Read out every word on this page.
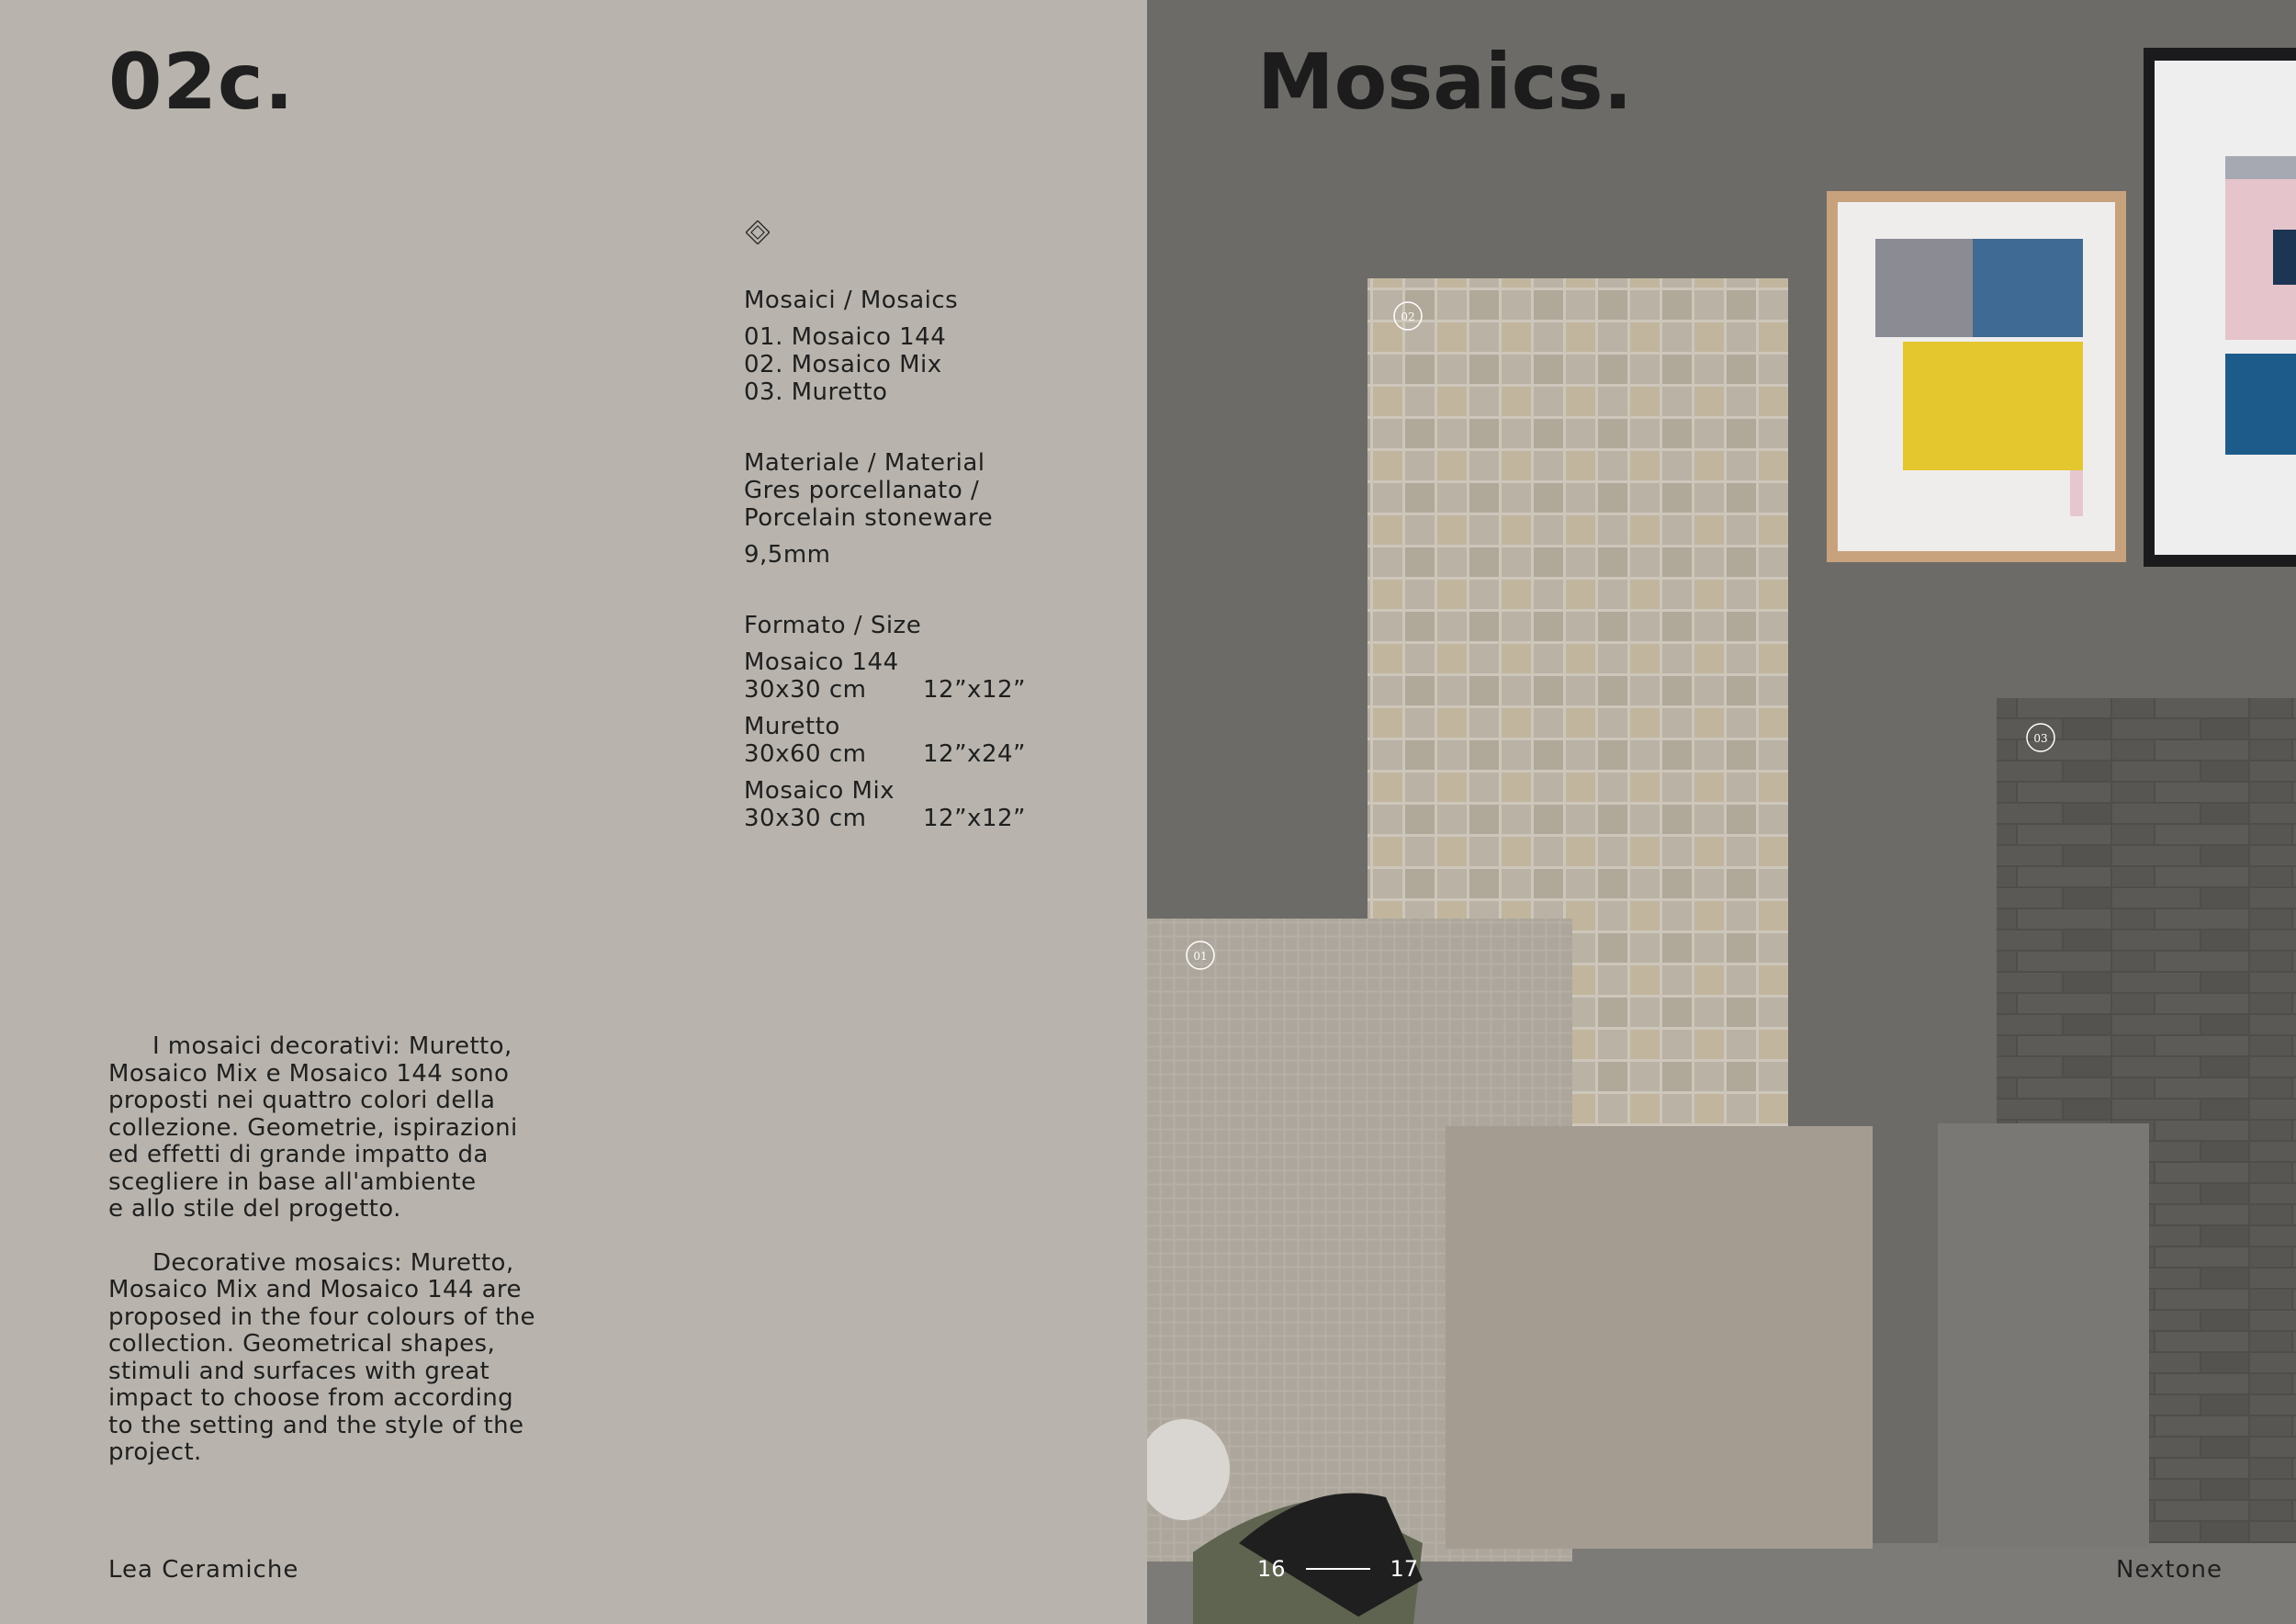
02c.

Mosaici / Mosaics

01. Mosaico 144

02. Mosaico Mix

03. Muretto

Materiale / Material

Gres porcellanato /

Porcelain stoneware

9,5mm

Formato / Size

Mosaico 144

30x30 cm	12”x12”

Muretto

30x60 cm	12”x24”

Mosaico Mix

30x30 cm	12”x12”

I mosaici decorativi: Muretto,

Mosaico Mix e Mosaico 144 sono

proposti nei quattro colori della

collezione. Geometrie, ispirazioni

ed effetti di grande impatto da

scegliere in base all'ambiente

e allo stile del progetto.

Decorative mosaics: Muretto,

Mosaico Mix and Mosaico 144 are

proposed in the four colours of the

collection. Geometrical shapes,

stimuli and surfaces with great

impact to choose from according

to the setting and the style of the

project.

Lea Ceramiche
02
01
03
Mosaics.
16	17	Nextone
